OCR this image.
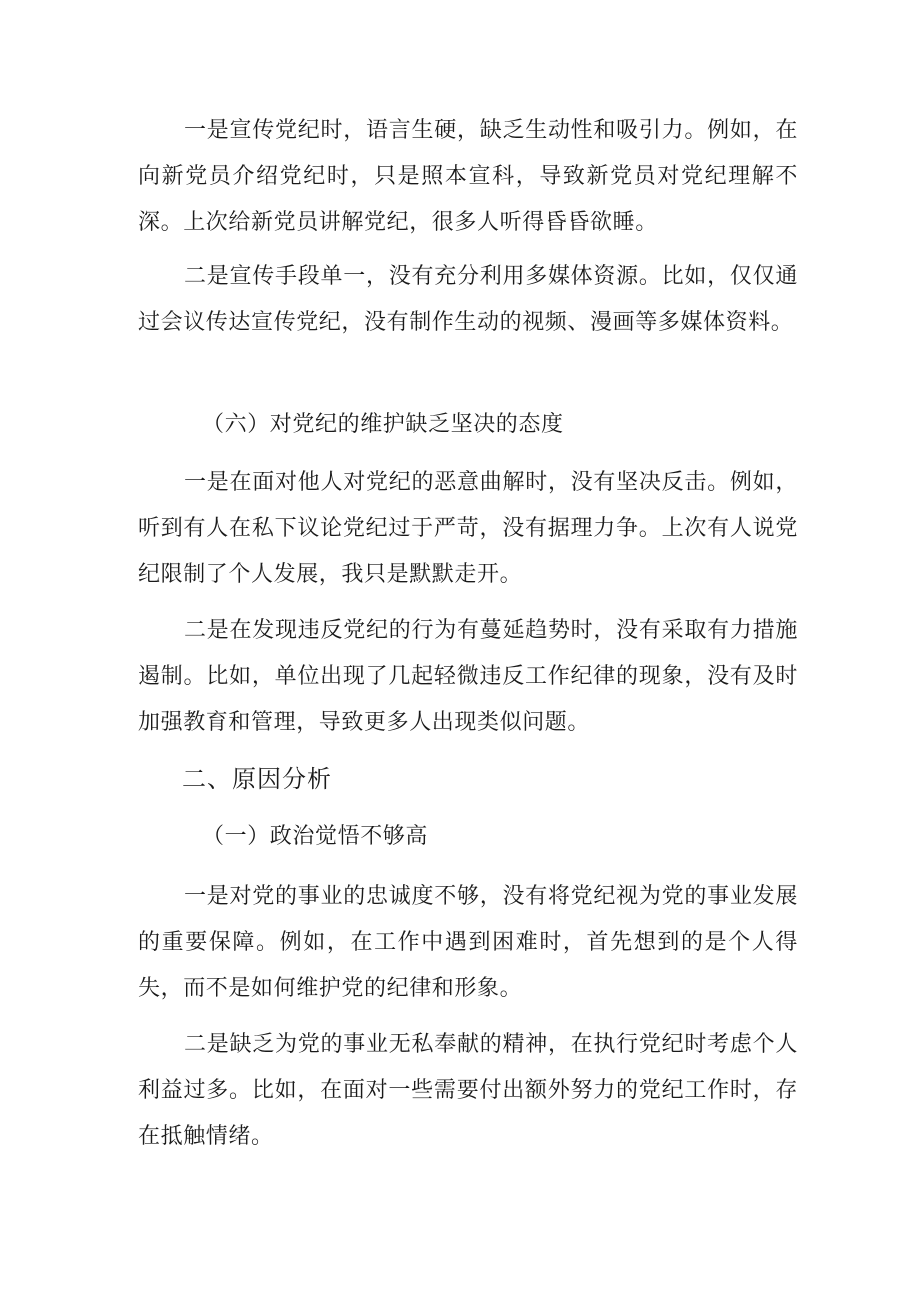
一是宣传党纪时，语言生硬，缺乏生动性和吸引力。例如，在向新党员介绍党纪时，只是照本宣科，导致新党员对党纪理解不深。上次给新党员讲解党纪，很多人听得昏昏欲睡。

二是宣传手段单一，没有充分利用多媒体资源。比如，仅仅通过会议传达宣传党纪，没有制作生动的视频、漫画等多媒体资料。

（六）对党纪的维护缺乏坚决的态度

一是在面对他人对党纪的恶意曲解时，没有坚决反击。例如，听到有人在私下议论党纪过于严苛，没有据理力争。上次有人说党纪限制了个人发展，我只是默默走开。

二是在发现违反党纪的行为有蔓延趋势时，没有采取有力措施遏制。比如，单位出现了几起轻微违反工作纪律的现象，没有及时加强教育和管理，导致更多人出现类似问题。

二、原因分析

（一）政治觉悟不够高

一是对党的事业的忠诚度不够，没有将党纪视为党的事业发展的重要保障。例如，在工作中遇到困难时，首先想到的是个人得失，而不是如何维护党的纪律和形象。

二是缺乏为党的事业无私奉献的精神，在执行党纪时考虑个人利益过多。比如，在面对一些需要付出额外努力的党纪工作时，存在抵触情绪。
